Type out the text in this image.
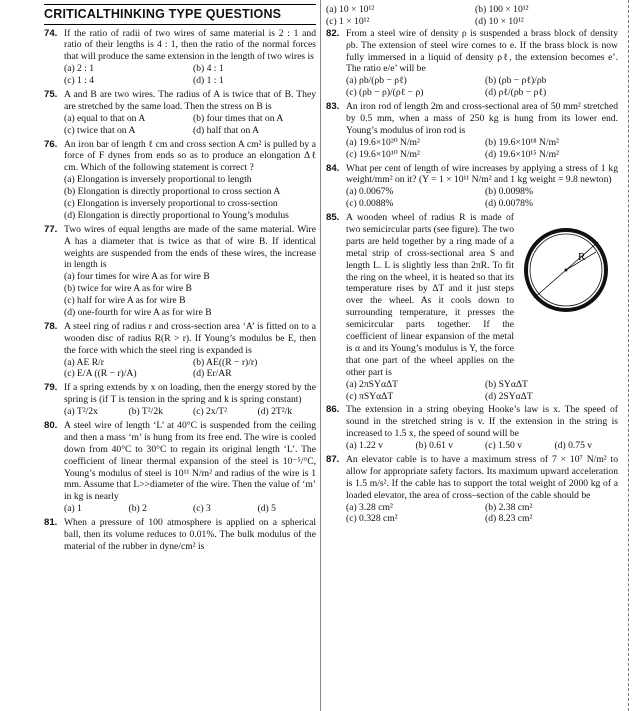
CRITICALTHINKING TYPE QUESTIONS
74. If the ratio of radii of two wires of same material is 2 : 1 and ratio of their lengths is 4 : 1, then the ratio of the normal forces that will produce the same extension in the length of two wires is
(a) 2 : 1	(b) 4 : 1
(c) 1 : 4	(d) 1 : 1
75. A and B are two wires. The radius of A is twice that of B. They are stretched by the same load. Then the stress on B is
(a) equal to that on A	(b) four times that on A
(c) twice that on A	(d) half that on A
76. An iron bar of length ℓ cm and cross section A cm² is pulled by a force of F dynes from ends so as to produce an elongation Δℓ cm. Which of the following statement is correct ?
(a) Elongation is inversely proportional to length
(b) Elongation is directly proportional to cross section A
(c) Elongation is inversely proportional to cross-section
(d) Elongation is directly proportional to Young’s modulus
77. Two wires of equal lengths are made of the same material. Wire A has a diameter that is twice as that of wire B. If identical weights are suspended from the ends of these wires, the increase in length is
(a) four times for wire A as for wire B
(b) twice for wire A as for wire B
(c) half for wire A as for wire B
(d) one-fourth for wire A as for wire B
78. A steel ring of radius r and cross-section area ‘A’ is fitted on to a wooden disc of radius R(R > r). If Young’s modulus be E, then the force with which the steel ring is expanded is
(a) AE R/r	(b) AE((R − r)/r)
(c) E/A ((R − r)/A)	(d) Er/AR
79. If a spring extends by x on loading, then the energy stored by the spring is (if T is tension in the spring and k is spring constant)
(a) T²/2x	(b) T²/2k	(c) 2x/T²	(d) 2T²/k
80. A steel wire of length ‘L’ at 40°C is suspended from the ceiling and then a mass ‘m’ is hung from its free end. The wire is cooled down from 40°C to 30°C to regain its original length ‘L’. The coefficient of linear thermal expansion of the steel is 10⁻⁵/°C, Young’s modulus of steel is 10¹¹ N/m² and radius of the wire is 1 mm. Assume that L>>diameter of the wire. Then the value of ‘m’ in kg is nearly
(a) 1	(b) 2	(c) 3	(d) 5
81. When a pressure of 100 atmosphere is applied on a spherical ball, then its volume reduces to 0.01%. The bulk modulus of the material of the rubber in dyne/cm² is
(a) 10 × 10¹²	(b) 100 × 10¹²
(c) 1 × 10¹²	(d) 10 × 10¹²
82. From a steel wire of density ρ is suspended a brass block of density ρb. The extension of steel wire comes to e. If the brass block is now fully immersed in a liquid of density ρℓ, the extension becomes e’. The ratio e/e’ will be
(a) ρb/(ρb − ρℓ)	(b) (ρb − ρℓ)/ρb
(c) (ρb − ρ)/(ρℓ − ρ)	(d) ρℓ/(ρb − ρℓ)
83. An iron rod of length 2m and cross-sectional area of 50 mm² stretched by 0.5 mm, when a mass of 250 kg is hung from its lower end. Young’s modulus of iron rod is
(a) 19.6×10²⁰ N/m²	(b) 19.6×10¹⁸ N/m²
(c) 19.6×10¹⁰ N/m²	(d) 19.6×10¹⁵ N/m²
84. What per cent of length of wire increases by applying a stress of 1 kg weight/mm² on it? (Y = 1 × 10¹¹ N/m² and 1 kg weight = 9.8 newton)
(a) 0.0067%	(b) 0.0098%
(c) 0.0088%	(d) 0.0078%
85. A wooden wheel of radius R is made of two semicircular parts (see figure). The two parts are held together by a ring made of a metal strip of cross-sectional area S and length L. L is slightly less than 2πR. To fit the ring on the wheel, it is heated so that its temperature rises by ΔT and it just steps over the wheel. As it cools down to surrounding temperature, it presses the semicircular parts together. If the coefficient of linear expansion of the metal is α and its Young’s modulus is Y, the force that one part of the wheel applies on the other part is
R
(a) 2πSYαΔT	(b) SYαΔT
(c) πSYαΔT	(d) 2SYαΔT
86. The extension in a string obeying Hooke’s law is x. The speed of sound in the stretched string is v. If the extension in the string is increased to 1.5 x, the speed of sound will be
(a) 1.22 v	(b) 0.61 v	(c) 1.50 v	(d) 0.75 v
87. An elevator cable is to have a maximum stress of 7 × 10⁷ N/m² to allow for appropriate safety factors. Its maximum upward acceleration is 1.5 m/s². If the cable has to support the total weight of 2000 kg of a loaded elevator, the area of cross–section of the cable should be
(a) 3.28 cm²	(b) 2.38 cm²
(c) 0.328 cm²	(d) 8.23 cm²
